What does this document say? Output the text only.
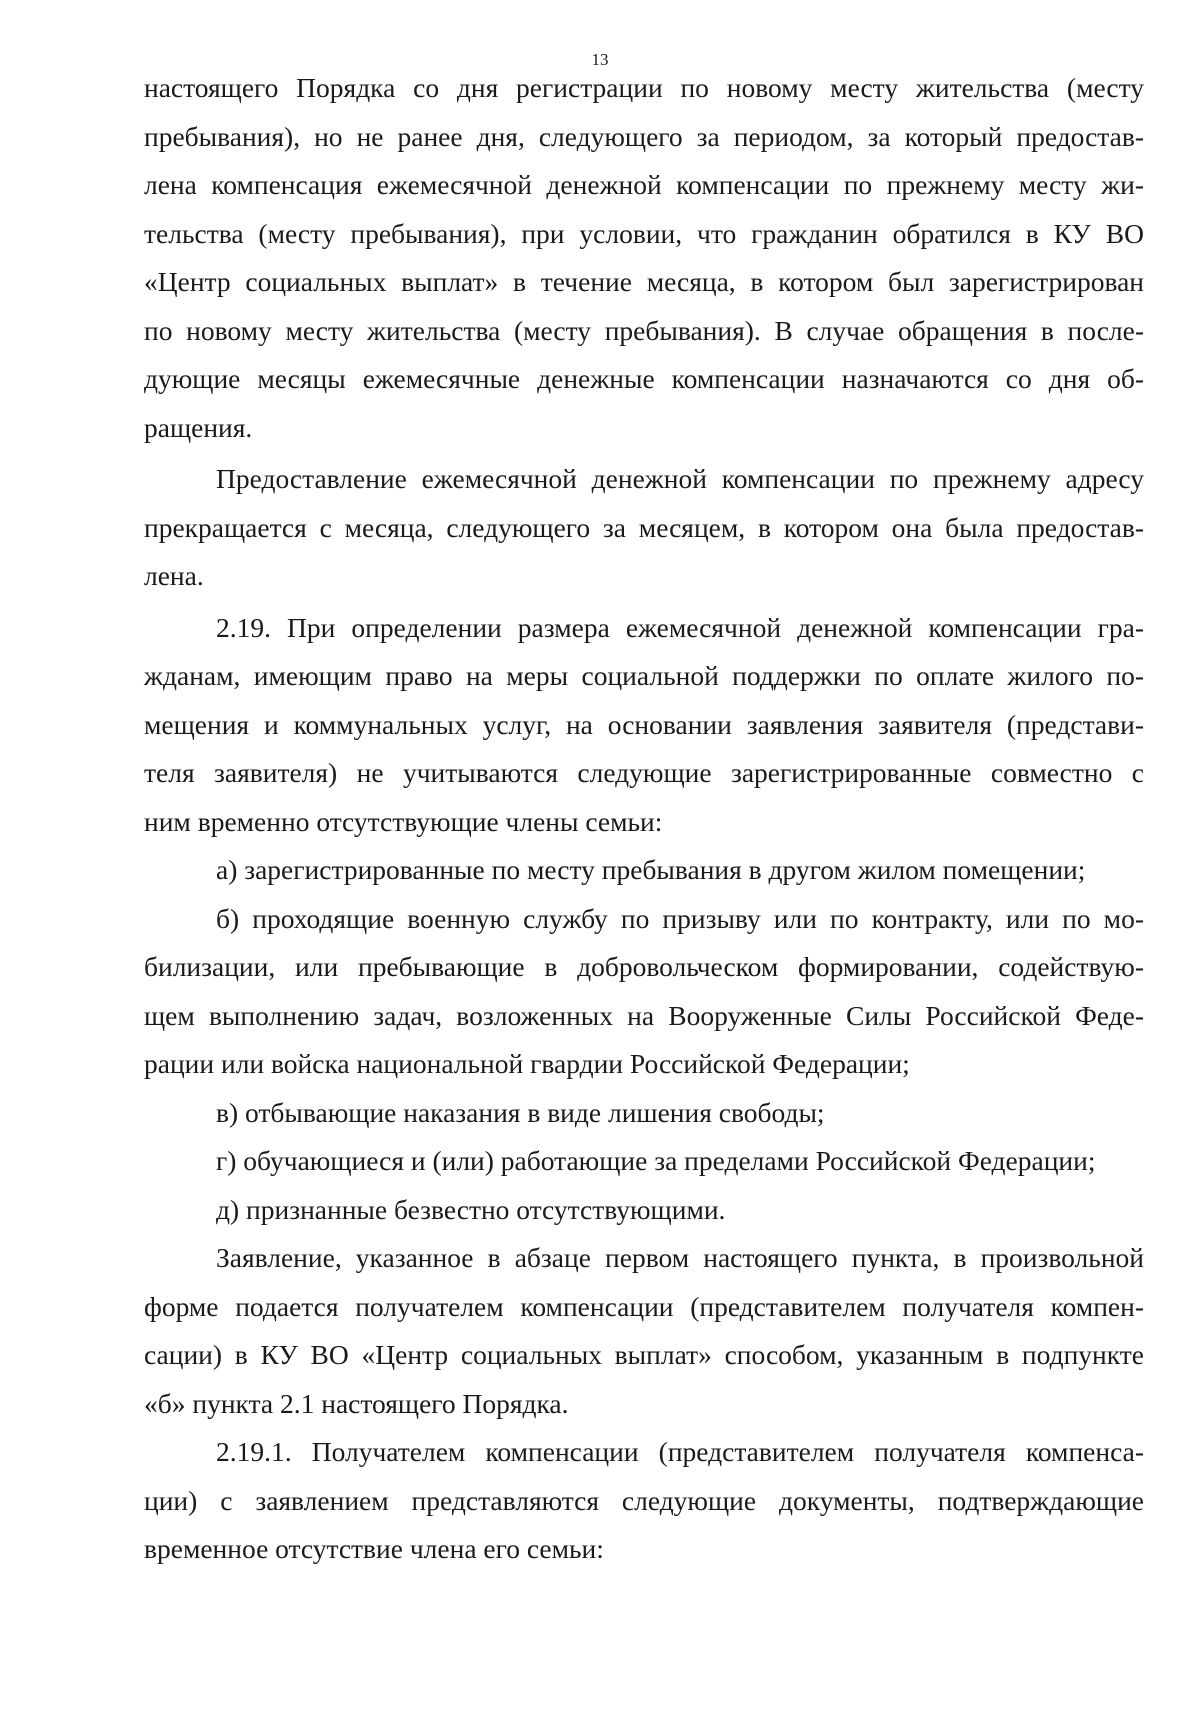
13

настоящего Порядка со дня регистрации по новому месту жительства (месту

пребывания), но не ранее дня, следующего за периодом, за который предостав-

лена компенсация ежемесячной денежной компенсации по прежнему месту жи-

тельства (месту пребывания), при условии, что гражданин обратился в КУ ВО

«Центр социальных выплат» в течение месяца, в котором был зарегистрирован

по новому месту жительства (месту пребывания). В случае обращения в после-

дующие месяцы ежемесячные денежные компенсации назначаются со дня об-

ращения.

Предоставление ежемесячной денежной компенсации по прежнему адресу

прекращается с месяца, следующего за месяцем, в котором она была предостав-

лена.

2.19. При определении размера ежемесячной денежной компенсации гра-

жданам, имеющим право на меры социальной поддержки по оплате жилого по-

мещения и коммунальных услуг, на основании заявления заявителя (представи-

теля заявителя) не учитываются следующие зарегистрированные совместно с

ним временно отсутствующие члены семьи:

а) зарегистрированные по месту пребывания в другом жилом помещении;

б) проходящие военную службу по призыву или по контракту, или по мо-

билизации, или пребывающие в добровольческом формировании, содействую-

щем выполнению задач, возложенных на Вооруженные Силы Российской Феде-

рации или войска национальной гвардии Российской Федерации;

в) отбывающие наказания в виде лишения свободы;

г) обучающиеся и (или) работающие за пределами Российской Федерации;

д) признанные безвестно отсутствующими.

Заявление, указанное в абзаце первом настоящего пункта, в произвольной

форме подается получателем компенсации (представителем получателя компен-

сации) в КУ ВО «Центр социальных выплат» способом, указанным в подпункте

«б» пункта 2.1 настоящего Порядка.

2.19.1. Получателем компенсации (представителем получателя компенса-

ции) с заявлением представляются следующие документы, подтверждающие

временное отсутствие члена его семьи:
